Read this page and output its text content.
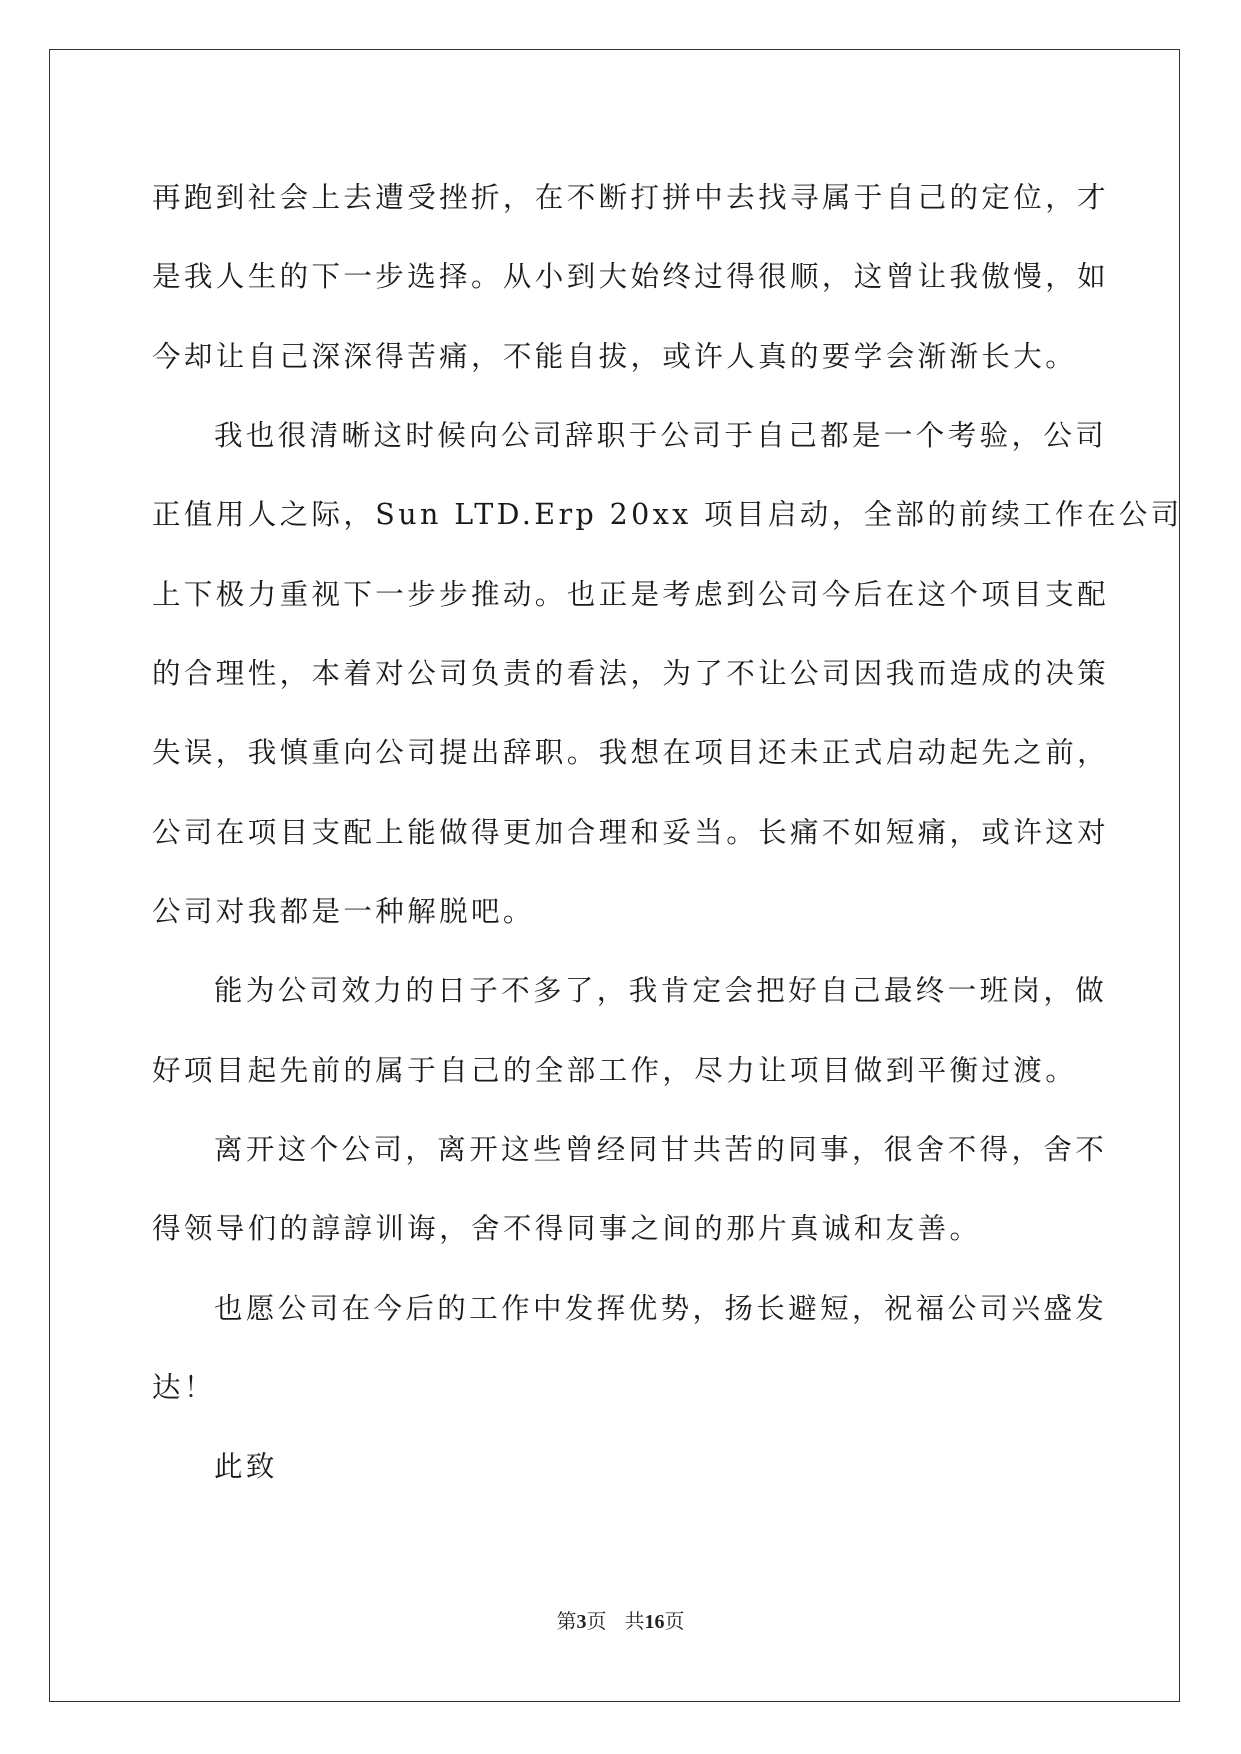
再跑到社会上去遭受挫折，在不断打拼中去找寻属于自己的定位，才
是我人生的下一步选择。从小到大始终过得很顺，这曾让我傲慢，如
今却让自己深深得苦痛，不能自拔，或许人真的要学会渐渐长大。
我也很清晰这时候向公司辞职于公司于自己都是一个考验，公司
正值用人之际，Sun LTD.Erp 20xx 项目启动，全部的前续工作在公司
上下极力重视下一步步推动。也正是考虑到公司今后在这个项目支配
的合理性，本着对公司负责的看法，为了不让公司因我而造成的决策
失误，我慎重向公司提出辞职。我想在项目还未正式启动起先之前，
公司在项目支配上能做得更加合理和妥当。长痛不如短痛，或许这对
公司对我都是一种解脱吧。
能为公司效力的日子不多了，我肯定会把好自己最终一班岗，做
好项目起先前的属于自己的全部工作，尽力让项目做到平衡过渡。
离开这个公司，离开这些曾经同甘共苦的同事，很舍不得，舍不
得领导们的諄諄训诲，舍不得同事之间的那片真诚和友善。
也愿公司在今后的工作中发挥优势，扬长避短，祝福公司兴盛发
达！
此致
第3页 共16页
